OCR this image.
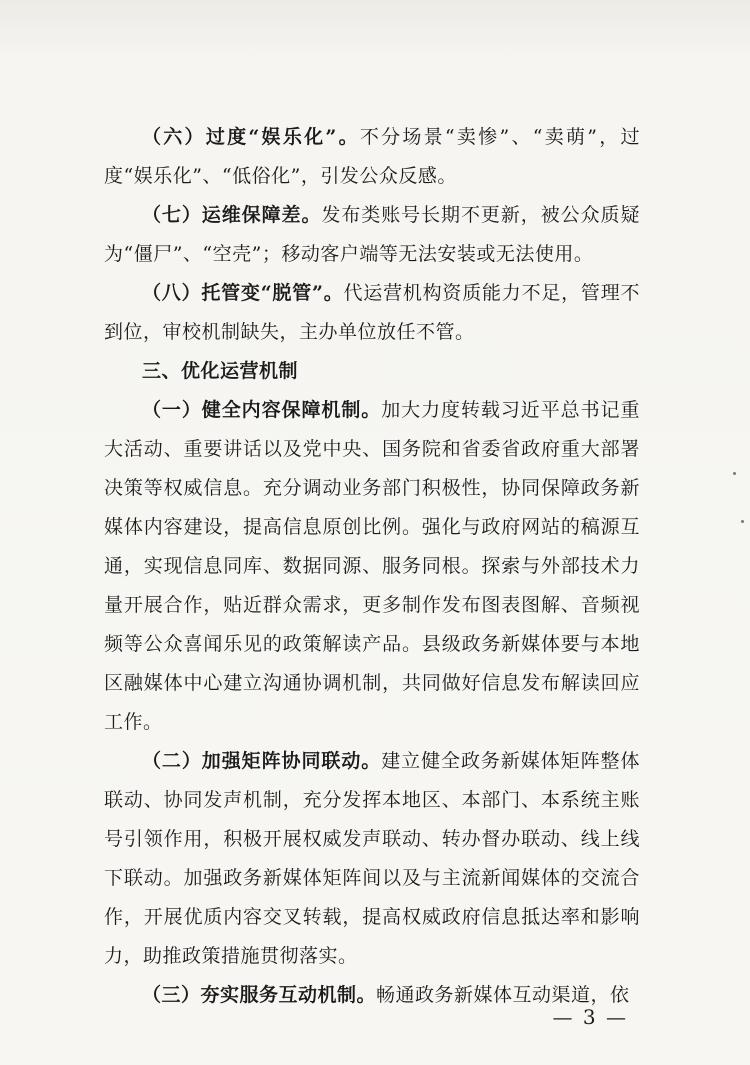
（六）过度“娱乐化”。不分场景“卖惨”、“卖萌”，过度“娱乐化”、“低俗化”，引发公众反感。

（七）运维保障差。发布类账号长期不更新，被公众质疑为“僵尸”、“空壳”；移动客户端等无法安装或无法使用。

（八）托管变“脱管”。代运营机构资质能力不足，管理不到位，审校机制缺失，主办单位放任不管。

三、优化运营机制

（一）健全内容保障机制。加大力度转载习近平总书记重大活动、重要讲话以及党中央、国务院和省委省政府重大部署决策等权威信息。充分调动业务部门积极性，协同保障政务新媒体内容建设，提高信息原创比例。强化与政府网站的稿源互通，实现信息同库、数据同源、服务同根。探索与外部技术力量开展合作，贴近群众需求，更多制作发布图表图解、音频视频等公众喜闻乐见的政策解读产品。县级政务新媒体要与本地区融媒体中心建立沟通协调机制，共同做好信息发布解读回应工作。

（二）加强矩阵协同联动。建立健全政务新媒体矩阵整体联动、协同发声机制，充分发挥本地区、本部门、本系统主账号引领作用，积极开展权威发声联动、转办督办联动、线上线下联动。加强政务新媒体矩阵间以及与主流新闻媒体的交流合作，开展优质内容交叉转载，提高权威政府信息抵达率和影响力，助推政策措施贯彻落实。

（三）夯实服务互动机制。畅通政务新媒体互动渠道，依

— 3 —
